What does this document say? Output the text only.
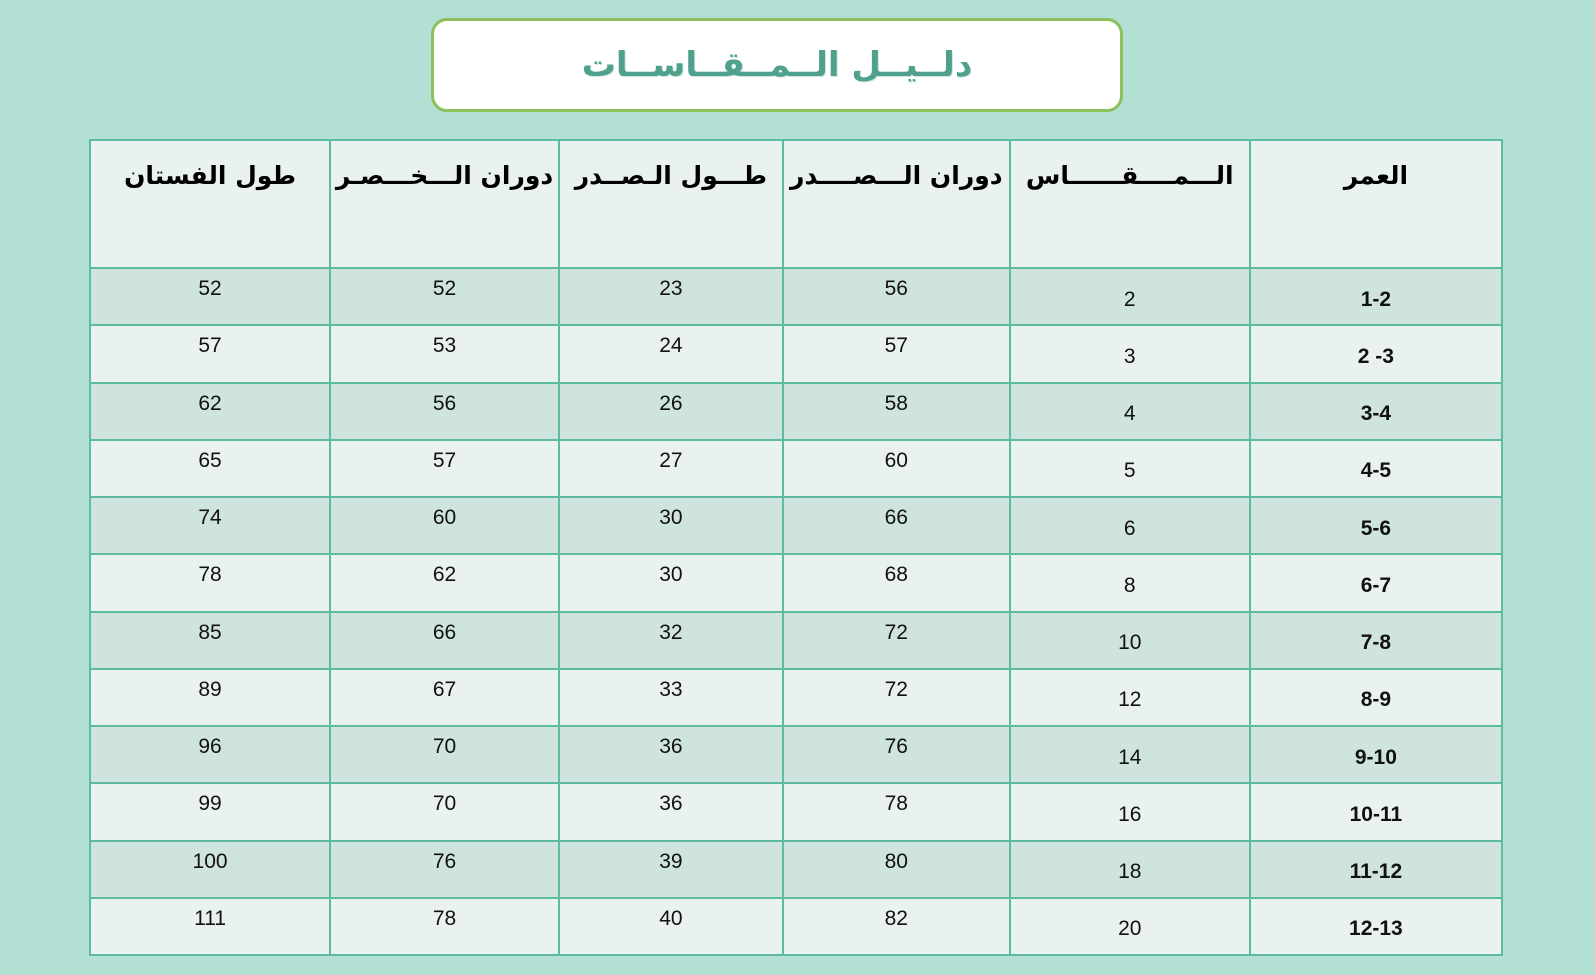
دلــيــل الــمــقــاســات
العمر	الـــمــــقــــــاس	دوران الـــصــــدر	طـــول الـصــدر	دوران الـــخـــصـر	طول الفستان
1-2	2	56	23	52	52
2 -3	3	57	24	53	57
3-4	4	58	26	56	62
4-5	5	60	27	57	65
5-6	6	66	30	60	74
6-7	8	68	30	62	78
7-8	10	72	32	66	85
8-9	12	72	33	67	89
9-10	14	76	36	70	96
10-11	16	78	36	70	99
11-12	18	80	39	76	100
12-13	20	82	40	78	111
